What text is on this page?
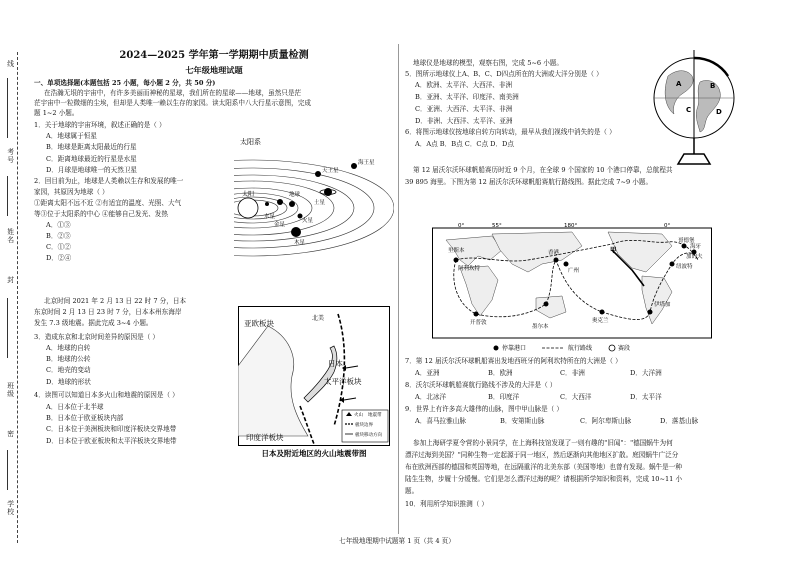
线
考号
姓名
封
班级
密
学校
2024—2025 学年第一学期期中质量检测
七年级地理试题
一、单项选择题(本题包括 25 小题，每小题 2 分，共 50 分)
在浩瀚无垠的宇宙中，有许多美丽而神秘的星球，我们所在的星球——地球，虽然只是茫
茫宇宙中一粒微细的尘埃，但却是人类唯一赖以生存的家园。读太阳系中八大行星示意图，完成
题 1~2 小题。
1．关于地球的宇宙环境，叙述正确的是（ ）
A．地球属于恒星
B．地球是距离太阳最近的行星
C．距离地球最近的行星是水星
D．月球是地球唯一的天然卫星
2．回目前为止，地球是人类赖以生存和发展的唯一
家园，其原因为地球（ ）
①距离太阳不远不近 ②有适宜的温度、光照、大气
等③位于太阳系的中心 ④能够自己发光、发热
A．①③
B．②③
C．①②
D．②④
北京时间 2021 年 2 月 13 日 22 时 7 分，日本
东京时间 2 月 13 日 23 时 7 分，日本本州东海岸
发生 7.3 级地震。据此完成 3~4 小题。
3．造成东京和北京时间差异的原因是（ ）
A．地球的自转
B．地球的公转
C．地壳的变动
D．地球的形状
4．读图可以知道日本多火山和地震的原因是（ ）
A．日本位于北半球
B．日本位于欧亚板块内部
C．日本位于美洲板块和印度洋板块交界地带
D．日本位于欧亚板块和太平洋板块交界地带
太阳系
太阳
水星
金星
地球
火星
木星
土星
天王星
海王星
亚欧板块
北美
日本
太平洋板块
印度洋板块
火山 地震带
板块边界
板块移动方向
日本及附近地区的火山地震带图
地球仪是地球的模型，观察右图，完成 5~6 小题。
5．图所示地球仪上A、B、C、D四点所在的大洲或大洋分别是（ ）
A．欧洲、太平洋、大西洋、非洲
B．亚洲、太平洋、印度洋、南美洲
C．亚洲、大西洋、太平洋、非洲
D．非洲、大西洋、太平洋、亚洲
6．将图示地球仪按地球自转方向转动，最早从我们视线中消失的是（ ）
A．A点 B．B点 C．C点 D．D点
A	B
C	D
第 12 届沃尔沃环球帆船赛历时近 9 个月，在全球 9 个国家的 10 个港口停靠，总航程共
39 895 海里。下图为第 12 届沃尔沃环球帆船赛航行路线图。据此完成 7~9 小题。
0°	55°	180°	0°
阿利坎特
里斯本
开普敦
墨尔本
香港
广州
奥克兰
伊塔加
纽波特
加的夫
哥德堡
海牙
甲
停靠港口	航行路线	赛段
7．第 12 届沃尔沃环球帆船赛出发地西班牙的阿利坎特所在的大洲是（ ）
A．亚洲	B．欧洲	C．非洲	D．大洋洲
8．沃尔沃环球帆船赛航行路线不涉及的大洋是（ ）
A．北冰洋	B．印度洋	C．大西洋	D．太平洋
9．世界上有许多高大雄伟的山脉，图中甲山脉是（ ）
A．喜马拉雅山脉	B．安第斯山脉	C．阿尔卑斯山脉	D．落基山脉
参加上海研学夏令营的小景同学，在上海科技馆发现了一则有趣的"旧闻"："德国蜗牛为何
漂洋过海到美国？"同种生物一定起源于同一地区，然后逐渐向其他地区扩散。庭园蜗牛广泛分
布在欧洲西部的德国和英国等地，在远隔重洋的北美东部（美国等地）也曾有发现。蜗牛是一种
陆生生物，步履十分缓慢。它们是怎么漂洋过海的呢？请根据所学知识和资料，完成 10~11 小
题。
10．利用所学知识推测（ ）
七年级地理期中试题第 1 页（共 4 页）
